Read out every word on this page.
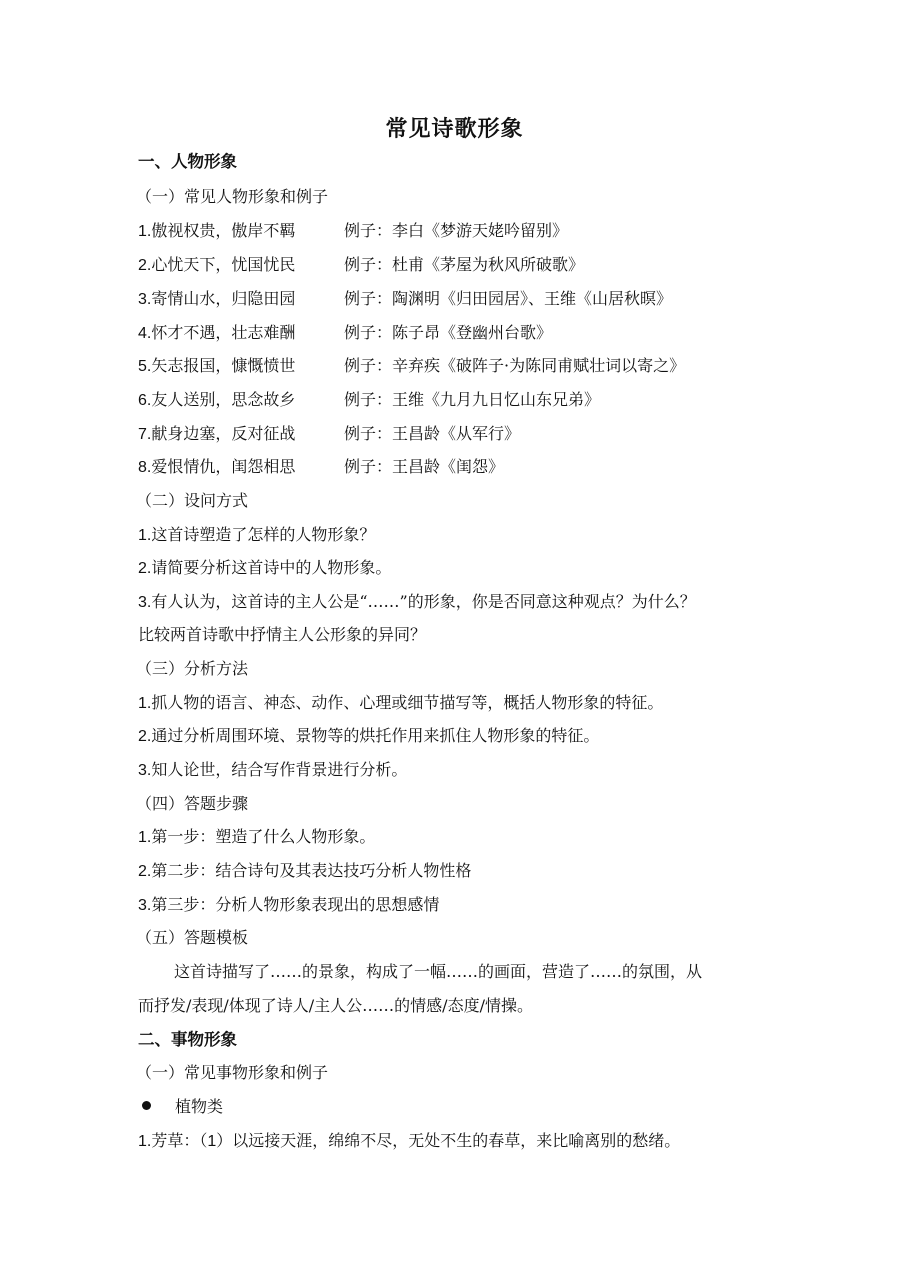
常见诗歌形象
一、人物形象
（一）常见人物形象和例子
1.傲视权贵，傲岸不羁	例子：李白《梦游天姥吟留别》
2.心忧天下，忧国忧民	例子：杜甫《茅屋为秋风所破歌》
3.寄情山水，归隐田园	例子：陶渊明《归田园居》、王维《山居秋暝》
4.怀才不遇，壮志难酬	例子：陈子昂《登幽州台歌》
5.矢志报国，慷慨愤世	例子：辛弃疾《破阵子·为陈同甫赋壮词以寄之》
6.友人送别，思念故乡	例子：王维《九月九日忆山东兄弟》
7.献身边塞，反对征战	例子：王昌龄《从军行》
8.爱恨情仇，闺怨相思	例子：王昌龄《闺怨》
（二）设问方式
1.这首诗塑造了怎样的人物形象？
2.请简要分析这首诗中的人物形象。
3.有人认为，这首诗的主人公是“……”的形象，你是否同意这种观点？为什么？
比较两首诗歌中抒情主人公形象的异同？
（三）分析方法
1.抓人物的语言、神态、动作、心理或细节描写等，概括人物形象的特征。
2.通过分析周围环境、景物等的烘托作用来抓住人物形象的特征。
3.知人论世，结合写作背景进行分析。
（四）答题步骤
1.第一步：塑造了什么人物形象。
2.第二步：结合诗句及其表达技巧分析人物性格
3.第三步：分析人物形象表现出的思想感情
（五）答题模板
这首诗描写了……的景象，构成了一幅……的画面，营造了……的氛围，从
而抒发/表现/体现了诗人/主人公……的情感/态度/情操。
二、事物形象
（一）常见事物形象和例子
植物类
1.芳草：（1）以远接天涯，绵绵不尽，无处不生的春草，来比喻离别的愁绪。
